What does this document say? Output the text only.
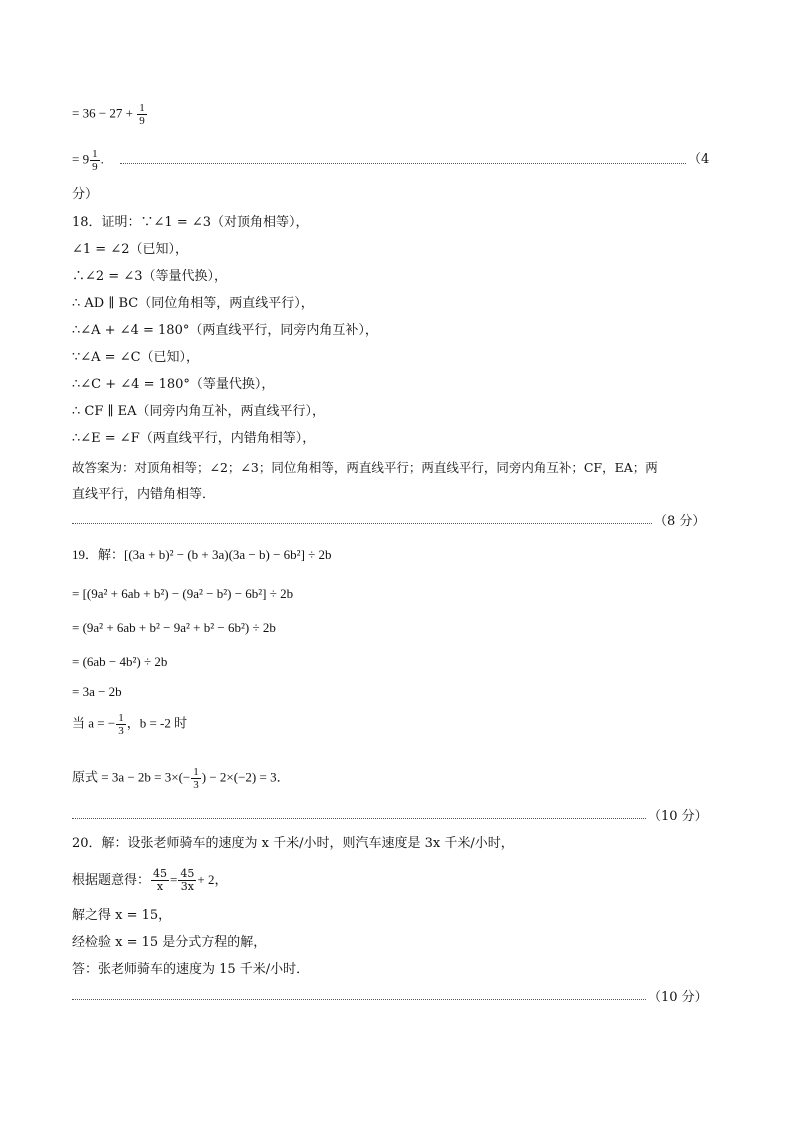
= $36 - 27 + \frac{1}{9}$
= $9 \frac{1}{9}$ .	（4
分）
18．证明：∵∠1 = ∠3（对顶角相等），
∠1 = ∠2（已知），
∴∠2 = ∠3（等量代换），
∴ AD ∥ BC（同位角相等，两直线平行），
∴∠A + ∠4 = 180°（两直线平行，同旁内角互补），
∵∠A = ∠C（已知），
∴∠C + ∠4 = 180°（等量代换），
∴ CF ∥ EA（同旁内角互补，两直线平行），
∴∠E = ∠F（两直线平行，内错角相等），
故答案为：对顶角相等；∠2；∠3；同位角相等，两直线平行；两直线平行，同旁内角互补；CF，EA；两
直线平行，内错角相等．
（8 分）
19．解：[(3a + b)² − (b + 3a)(3a − b) − 6b²] ÷ 2b
= [(9a² + 6ab + b²) − (9a² − b²) − 6b²] ÷ 2b
= (9a² + 6ab + b² − 9a² + b² − 6b²) ÷ 2b
= (6ab − 4b²) ÷ 2b
= 3a − 2b
当 a = − $\frac{1}{3}$ ，b = -2 时
原式 = $3a - 2b = 3\times(- \frac{1}{3}$ ) − 2×(−2) = 3．
（10 分）
20．解：设张老师骑车的速度为 x 千米/小时，则汽车速度是 3x 千米/小时，
根据题意得： $\frac{45}{x} = \frac{45}{3x} + 2$，
解之得 x = 15，
经检验 x = 15 是分式方程的解，
答：张老师骑车的速度为 15 千米/小时．
（10 分）
